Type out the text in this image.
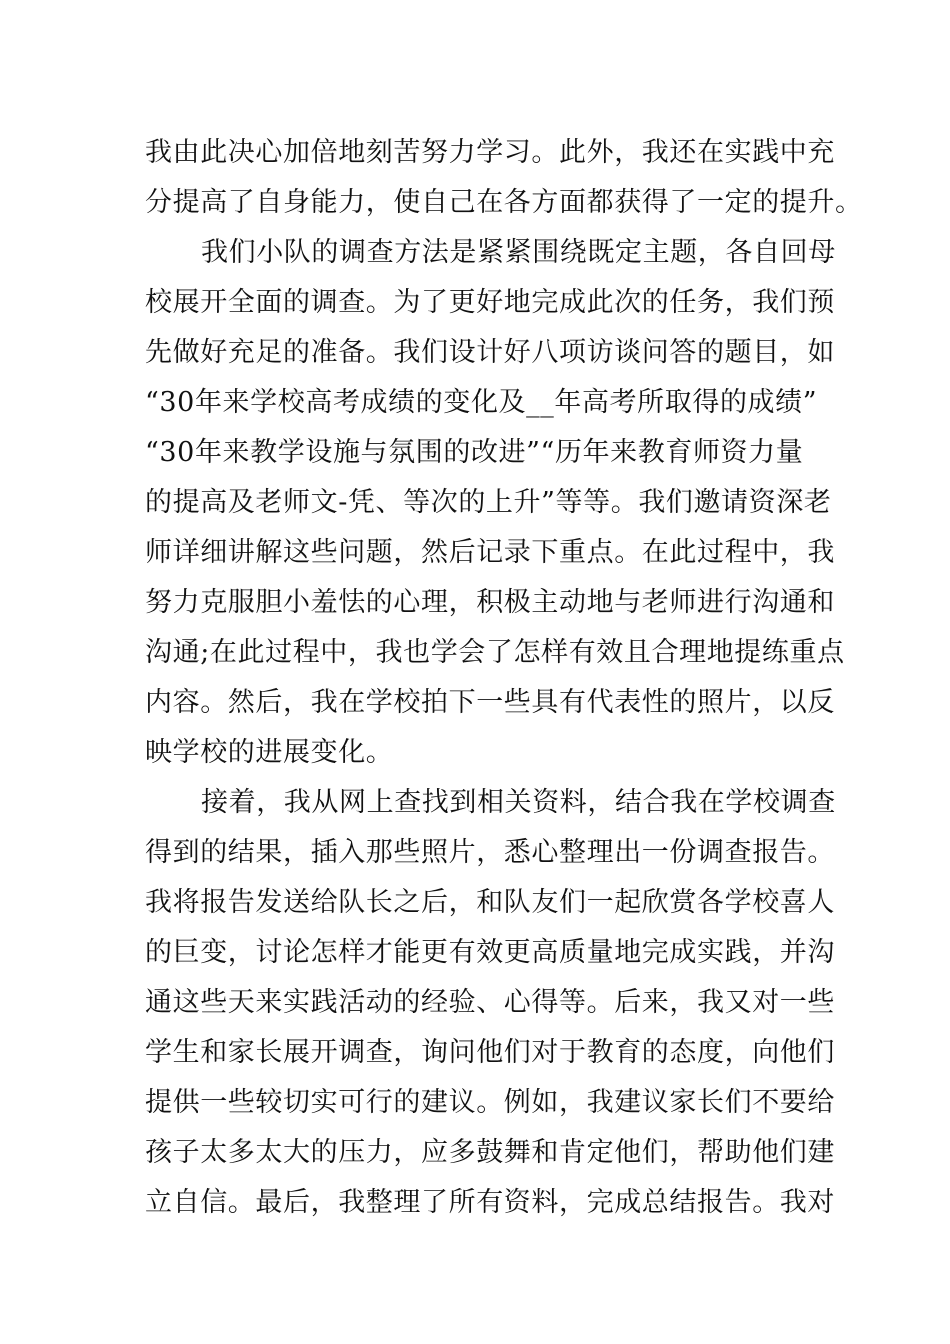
我由此决心加倍地刻苦努力学习。此外，我还在实践中充
分提高了自身能力，使自己在各方面都获得了一定的提升。
我们小队的调查方法是紧紧围绕既定主题，各自回母
校展开全面的调查。为了更好地完成此次的任务，我们预
先做好充足的准备。我们设计好八项访谈问答的题目，如
“30年来学校高考成绩的变化及__年高考所取得的成绩”
“30年来教学设施与氛围的改进”“历年来教育师资力量
的提高及老师文-凭、等次的上升”等等。我们邀请资深老
师详细讲解这些问题，然后记录下重点。在此过程中，我
努力克服胆小羞怯的心理，积极主动地与老师进行沟通和
沟通;在此过程中，我也学会了怎样有效且合理地提练重点
内容。然后，我在学校拍下一些具有代表性的照片，以反
映学校的进展变化。
接着，我从网上查找到相关资料，结合我在学校调查
得到的结果，插入那些照片，悉心整理出一份调查报告。
我将报告发送给队长之后，和队友们一起欣赏各学校喜人
的巨变，讨论怎样才能更有效更高质量地完成实践，并沟
通这些天来实践活动的经验、心得等。后来，我又对一些
学生和家长展开调查，询问他们对于教育的态度，向他们
提供一些较切实可行的建议。例如，我建议家长们不要给
孩子太多太大的压力，应多鼓舞和肯定他们，帮助他们建
立自信。最后，我整理了所有资料，完成总结报告。我对
